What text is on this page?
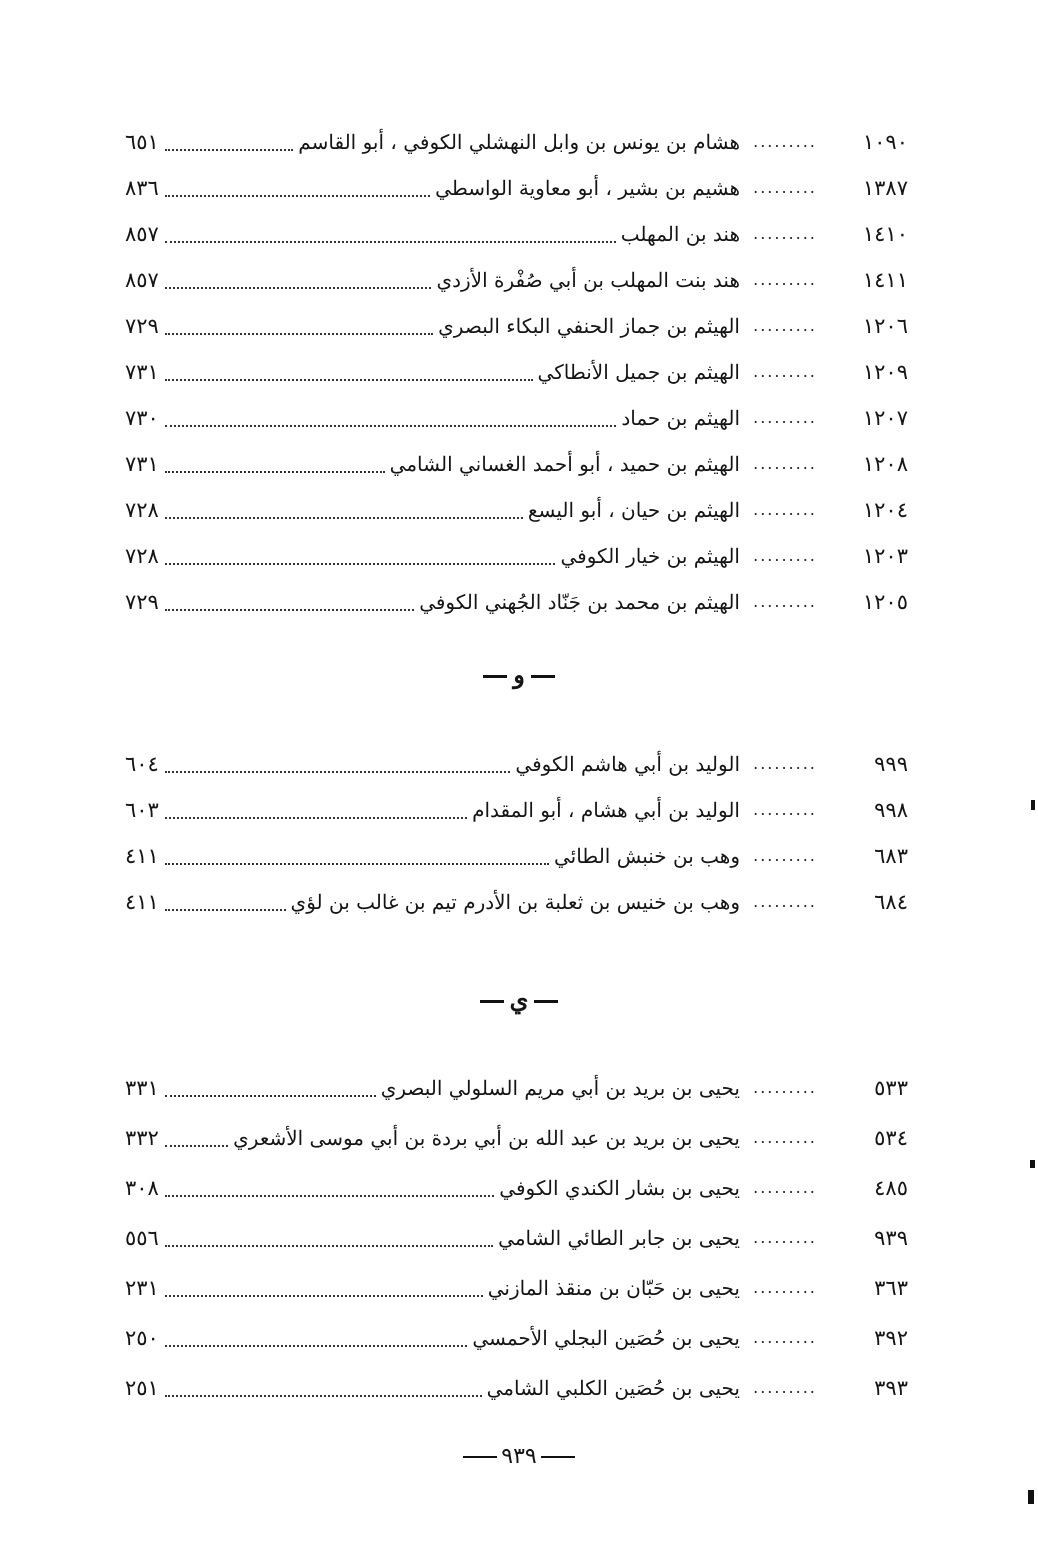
١٠٩٠
.........
هشام بن يونس بن وابل النهشلي الكوفي ، أبو القاسم
٦٥١
١٣٨٧
.........
هشيم بن بشير ، أبو معاوية الواسطي
٨٣٦
١٤١٠
.........
هند بن المهلب
٨٥٧
١٤١١
.........
هند بنت المهلب بن أبي صُفْرة الأزدي
٨٥٧
١٢٠٦
.........
الهيثم بن جماز الحنفي البكاء البصري
٧٢٩
١٢٠٩
.........
الهيثم بن جميل الأنطاكي
٧٣١
١٢٠٧
.........
الهيثم بن حماد
٧٣٠
١٢٠٨
.........
الهيثم بن حميد ، أبو أحمد الغساني الشامي
٧٣١
١٢٠٤
.........
الهيثم بن حيان ، أبو اليسع
٧٢٨
١٢٠٣
.........
الهيثم بن خيار الكوفي
٧٢٨
١٢٠٥
.........
الهيثم بن محمد بن جَنّاد الجُهني الكوفي
٧٢٩
و
٩٩٩
.........
الوليد بن أبي هاشم الكوفي
٦٠٤
٩٩٨
.........
الوليد بن أبي هشام ، أبو المقدام
٦٠٣
٦٨٣
.........
وهب بن خنبش الطائي
٤١١
٦٨٤
.........
وهب بن خنيس بن ثعلبة بن الأدرم تيم بن غالب بن لؤي
٤١١
ي
٥٣٣
.........
يحيى بن بريد بن أبي مريم السلولي البصري
٣٣١
٥٣٤
.........
يحيى بن بريد بن عبد الله بن أبي بردة بن أبي موسى الأشعري
٣٣٢
٤٨٥
.........
يحيى بن بشار الكندي الكوفي
٣٠٨
٩٣٩
.........
يحيى بن جابر الطائي الشامي
٥٥٦
٣٦٣
.........
يحيى بن حَبّان بن منقذ المازني
٢٣١
٣٩٢
.........
يحيى بن حُصَين البجلي الأحمسي
٢٥٠
٣٩٣
.........
يحيى بن حُصَين الكلبي الشامي
٢٥١
٩٣٩
